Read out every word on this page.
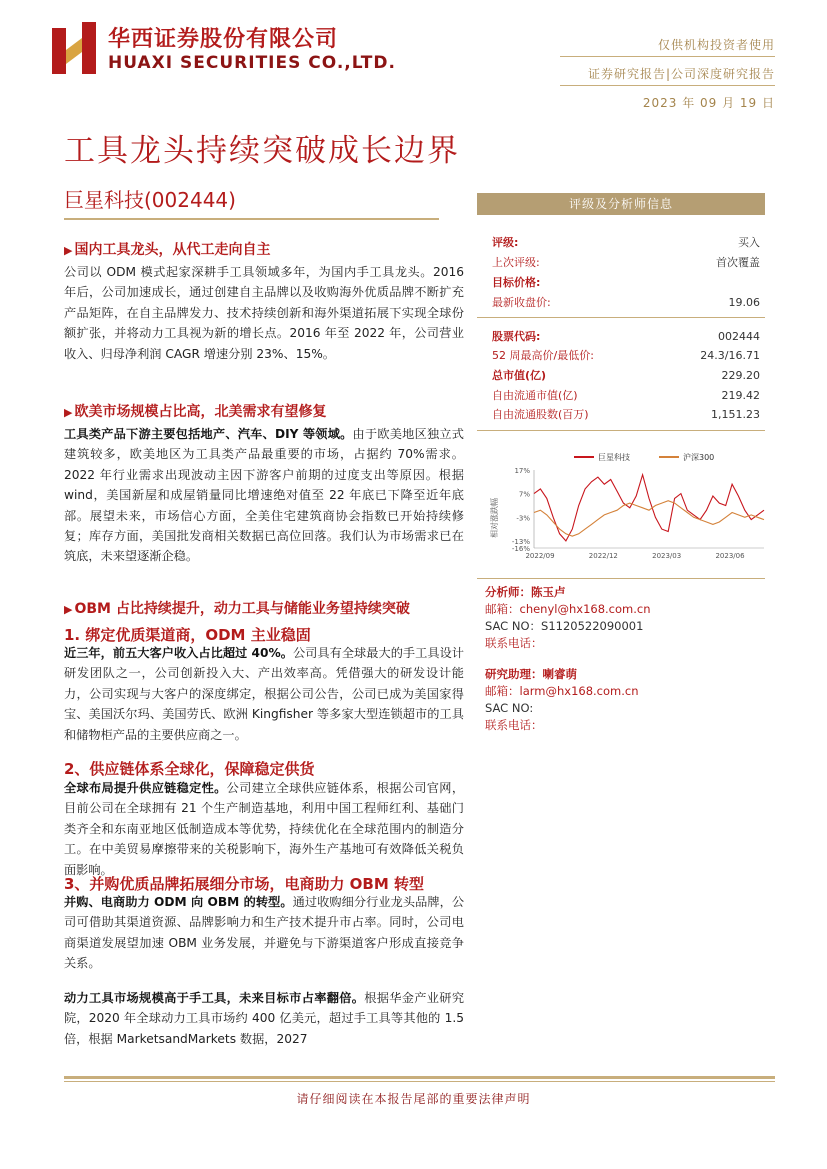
华西证券股份有限公司
HUAXI SECURITIES CO.,LTD.
仅供机构投资者使用
证券研究报告|公司深度研究报告
2023 年 09 月 19 日
工具龙头持续突破成长边界
巨星科技(002444)
▶ 国内工具龙头，从代工走向自主
公司以 ODM 模式起家深耕手工具领域多年，为国内手工具龙头。2016 年后，公司加速成长，通过创建自主品牌以及收购海外优质品牌不断扩充产品矩阵，在自主品牌发力、技术持续创新和海外渠道拓展下实现全球份额扩张，并将动力工具视为新的增长点。2016 年至 2022 年，公司营业收入、归母净利润 CAGR 增速分别 23%、15%。
▶ 欧美市场规模占比高，北美需求有望修复
工具类产品下游主要包括地产、汽车、DIY 等领域。由于欧美地区独立式建筑较多，欧美地区为工具类产品最重要的市场，占据约 70%需求。2022 年行业需求出现波动主因下游客户前期的过度支出等原因。根据 wind，美国新屋和成屋销量同比增速绝对值至 22 年底已下降至近年底部。展望未来，市场信心方面，全美住宅建筑商协会指数已开始持续修复；库存方面，美国批发商相关数据已高位回落。我们认为市场需求已在筑底，未来望逐渐企稳。
▶ OBM 占比持续提升，动力工具与储能业务望持续突破
1. 绑定优质渠道商，ODM 主业稳固
近三年，前五大客户收入占比超过 40%。公司具有全球最大的手工具设计研发团队之一，公司创新投入大、产出效率高。凭借强大的研发设计能力，公司实现与大客户的深度绑定，根据公司公告，公司已成为美国家得宝、美国沃尔玛、美国劳氏、欧洲 Kingfisher 等多家大型连锁超市的工具和储物柜产品的主要供应商之一。
2、供应链体系全球化，保障稳定供货
全球布局提升供应链稳定性。公司建立全球供应链体系，根据公司官网，目前公司在全球拥有 21 个生产制造基地，利用中国工程师红利、基础门类齐全和东南亚地区低制造成本等优势，持续优化在全球范围内的制造分工。在中美贸易摩擦带来的关税影响下，海外生产基地可有效降低关税负面影响。
3、并购优质品牌拓展细分市场，电商助力 OBM 转型
并购、电商助力 ODM 向 OBM 的转型。通过收购细分行业龙头品牌，公司可借助其渠道资源、品牌影响力和生产技术提升市占率。同时，公司电商渠道发展望加速 OBM 业务发展，并避免与下游渠道客户形成直接竞争关系。
动力工具市场规模高于手工具，未来目标市占率翻倍。根据华金产业研究院，2020 年全球动力工具市场约 400 亿美元，超过手工具等其他的 1.5 倍，根据 MarketsandMarkets 数据，2027
评级及分析师信息
评级:	买入
上次评级:	首次覆盖
目标价格:
最新收盘价:	19.06
股票代码:	002444
52 周最高价/最低价:	24.3/16.71
总市值(亿)	229.20
自由流通市值(亿)	219.42
自由流通股数(百万)	1,151.23
巨星科技	沪深300
17%
7%
-3%
-13%
-16%
2022/09	2022/12	2023/03	2023/06
相对涨跌幅
分析师：陈玉卢
邮箱：chenyl@hx168.com.cn
SAC NO：S1120522090001
联系电话：
研究助理：喇睿萌
邮箱：larm@hx168.com.cn
SAC NO:
联系电话：
请仔细阅读在本报告尾部的重要法律声明
